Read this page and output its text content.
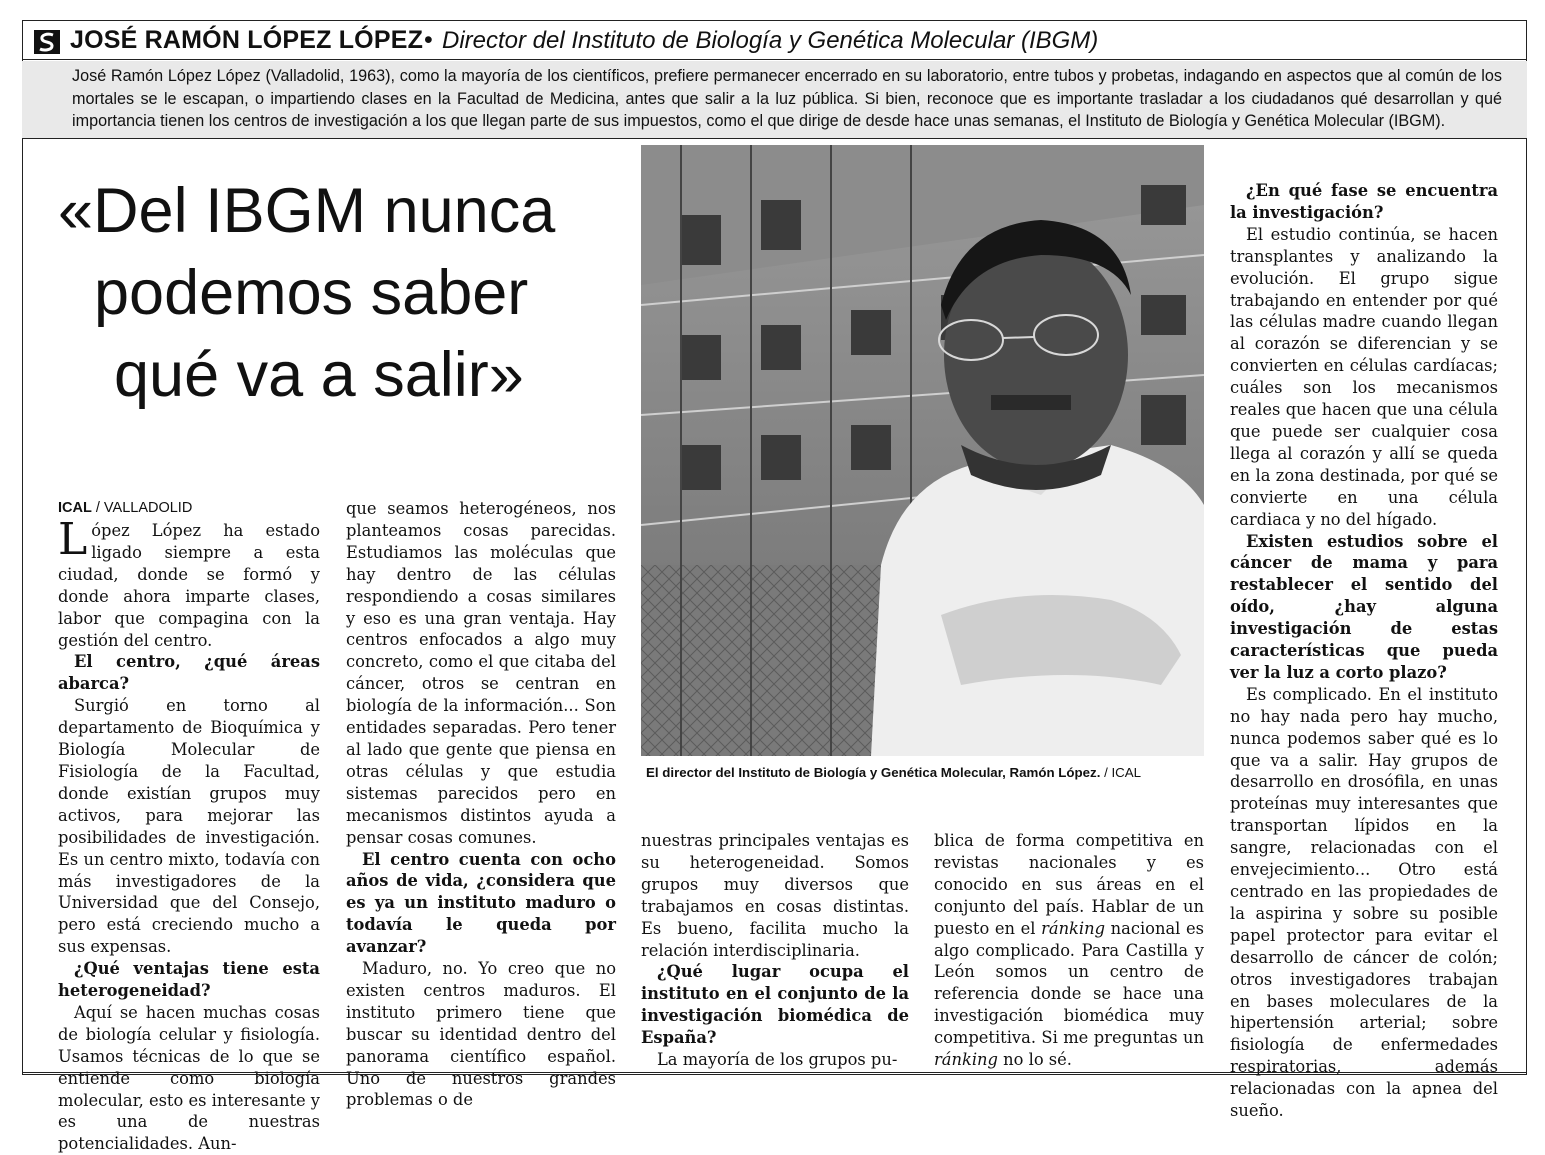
JOSÉ RAMÓN LÓPEZ LÓPEZ • Director del Instituto de Biología y Genética Molecular (IBGM)

José Ramón López López (Valladolid, 1963), como la mayoría de los científicos, prefiere permanecer encerrado en su laboratorio, entre tubos y probetas, indagando en aspectos que al común de los mortales se le escapan, o impartiendo clases en la Facultad de Medicina, antes que salir a la luz pública. Si bien, reconoce que es importante trasladar a los ciudadanos qué desarrollan y qué importancia tienen los centros de investigación a los que llegan parte de sus impuestos, como el que dirige de desde hace unas semanas, el Instituto de Biología y Genética Molecular (IBGM).

«Del IBGM nunca
podemos saber
qué va a salir»
ICAL / VALLADOLID

López López ha estado ligado siempre a esta ciudad, donde se formó y donde ahora imparte clases, labor que compagina con la gestión del centro.

El centro, ¿qué áreas abarca?

Surgió en torno al departamento de Bioquímica y Biología Molecular de Fisiología de la Facultad, donde existían grupos muy activos, para mejorar las posibilidades de investigación. Es un centro mixto, todavía con más investigadores de la Universidad que del Consejo, pero está creciendo mucho a sus expensas.

¿Qué ventajas tiene esta heterogeneidad?

Aquí se hacen muchas cosas de biología celular y fisiología. Usamos técnicas de lo que se entiende como biología molecular, esto es interesante y es una de nuestras potencialidades. Aun-

que seamos heterogéneos, nos planteamos cosas parecidas. Estudiamos las moléculas que hay dentro de las células respondiendo a cosas similares y eso es una gran ventaja. Hay centros enfocados a algo muy concreto, como el que citaba del cáncer, otros se centran en biología de la información... Son entidades separadas. Pero tener al lado que gente que piensa en otras células y que estudia sistemas parecidos pero en mecanismos distintos ayuda a pensar cosas comunes.

El centro cuenta con ocho años de vida, ¿considera que es ya un instituto maduro o todavía le queda por avanzar?

Maduro, no. Yo creo que no existen centros maduros. El instituto primero tiene que buscar su identidad dentro del panorama científico español. Uno de nuestros grandes problemas o de

El director del Instituto de Biología y Genética Molecular, Ramón López. / ICAL

nuestras principales ventajas es su heterogeneidad. Somos grupos muy diversos que trabajamos en cosas distintas. Es bueno, facilita mucho la relación interdisciplinaria.

¿Qué lugar ocupa el instituto en el conjunto de la investigación biomédica de España?

La mayoría de los grupos pu-

blica de forma competitiva en revistas nacionales y es conocido en sus áreas en el conjunto del país. Hablar de un puesto en el ránking nacional es algo complicado. Para Castilla y León somos un centro de referencia donde se hace una investigación biomédica muy competitiva. Si me preguntas un ránking no lo sé.

¿En qué fase se encuentra la investigación?

El estudio continúa, se hacen transplantes y analizando la evolución. El grupo sigue trabajando en entender por qué las células madre cuando llegan al corazón se diferencian y se convierten en células cardíacas; cuáles son los mecanismos reales que hacen que una célula que puede ser cualquier cosa llega al corazón y allí se queda en la zona destinada, por qué se convierte en una célula cardiaca y no del hígado.

Existen estudios sobre el cáncer de mama y para restablecer el sentido del oído, ¿hay alguna investigación de estas características que pueda ver la luz a corto plazo?

Es complicado. En el instituto no hay nada pero hay mucho, nunca podemos saber qué es lo que va a salir. Hay grupos de desarrollo en drosófila, en unas proteínas muy interesantes que transportan lípidos en la sangre, relacionadas con el envejecimiento... Otro está centrado en las propiedades de la aspirina y sobre su posible papel protector para evitar el desarrollo de cáncer de colón; otros investigadores trabajan en bases moleculares de la hipertensión arterial; sobre fisiología de enfermedades respiratorias, además relacionadas con la apnea del sueño.
